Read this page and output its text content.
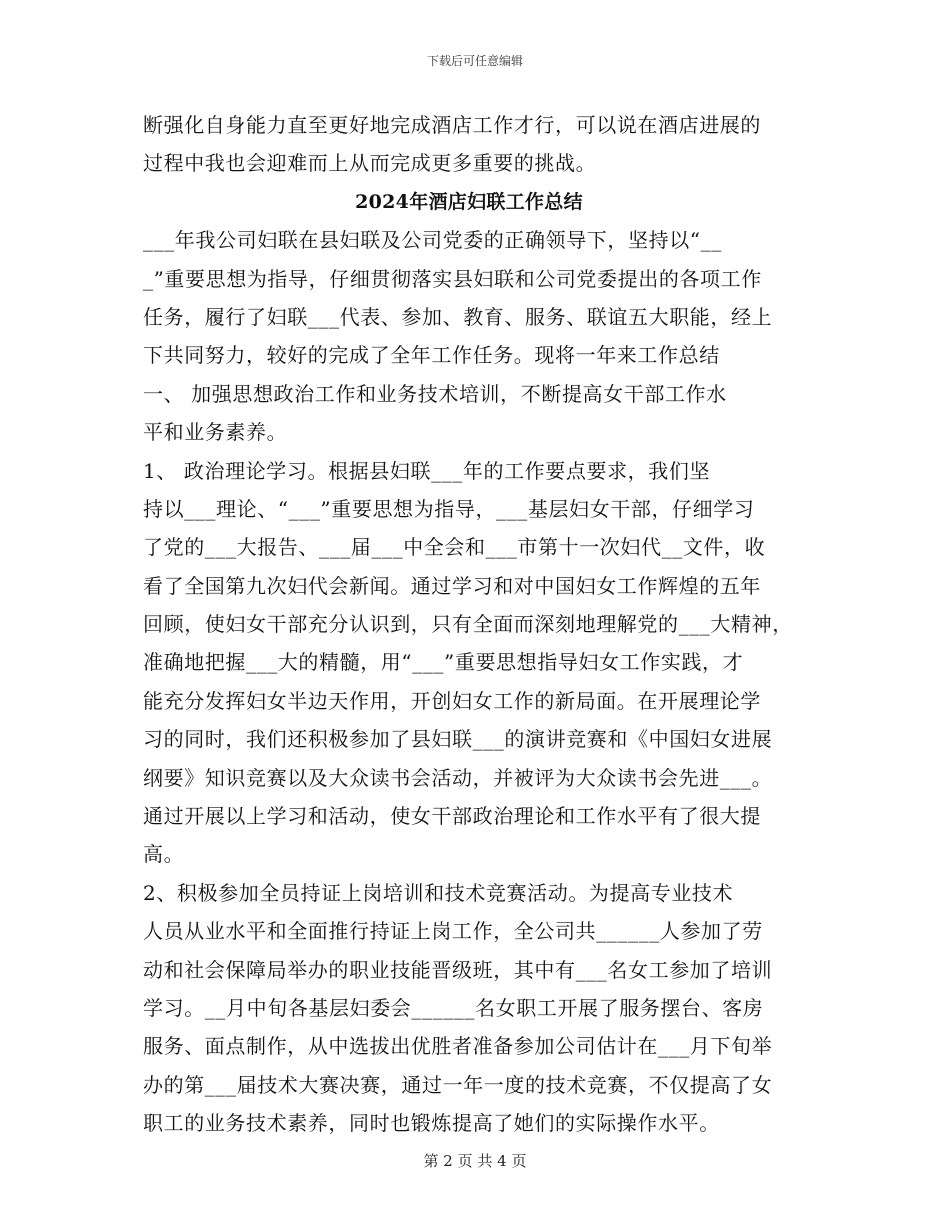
下载后可任意编辑
断强化自身能力直至更好地完成酒店工作才行，可以说在酒店进展的
过程中我也会迎难而上从而完成更多重要的挑战。
2024年酒店妇联工作总结
___年我公司妇联在县妇联及公司党委的正确领导下，坚持以“__
_”重要思想为指导，仔细贯彻落实县妇联和公司党委提出的各项工作
任务，履行了妇联___代表、参加、教育、服务、联谊五大职能，经上
下共同努力，较好的完成了全年工作任务。现将一年来工作总结
一、 加强思想政治工作和业务技术培训，不断提高女干部工作水
平和业务素养。
1、 政治理论学习。根据县妇联___年的工作要点要求，我们坚
持以___理论、“___”重要思想为指导，___基层妇女干部，仔细学习
了党的___大报告、___届___中全会和___市第十一次妇代__文件，收
看了全国第九次妇代会新闻。通过学习和对中国妇女工作辉煌的五年
回顾，使妇女干部充分认识到，只有全面而深刻地理解党的___大精神，
准确地把握___大的精髓，用“___”重要思想指导妇女工作实践，才
能充分发挥妇女半边天作用，开创妇女工作的新局面。在开展理论学
习的同时，我们还积极参加了县妇联___的演讲竞赛和《中国妇女进展
纲要》知识竞赛以及大众读书会活动，并被评为大众读书会先进___。
通过开展以上学习和活动，使女干部政治理论和工作水平有了很大提
高。
2、积极参加全员持证上岗培训和技术竞赛活动。为提高专业技术
人员从业水平和全面推行持证上岗工作，全公司共______人参加了劳
动和社会保障局举办的职业技能晋级班，其中有___名女工参加了培训
学习。__月中旬各基层妇委会______名女职工开展了服务摆台、客房
服务、面点制作，从中选拔出优胜者准备参加公司估计在___月下旬举
办的第___届技术大赛决赛，通过一年一度的技术竞赛，不仅提高了女
职工的业务技术素养，同时也锻炼提高了她们的实际操作水平。
第 2 页 共 4 页
